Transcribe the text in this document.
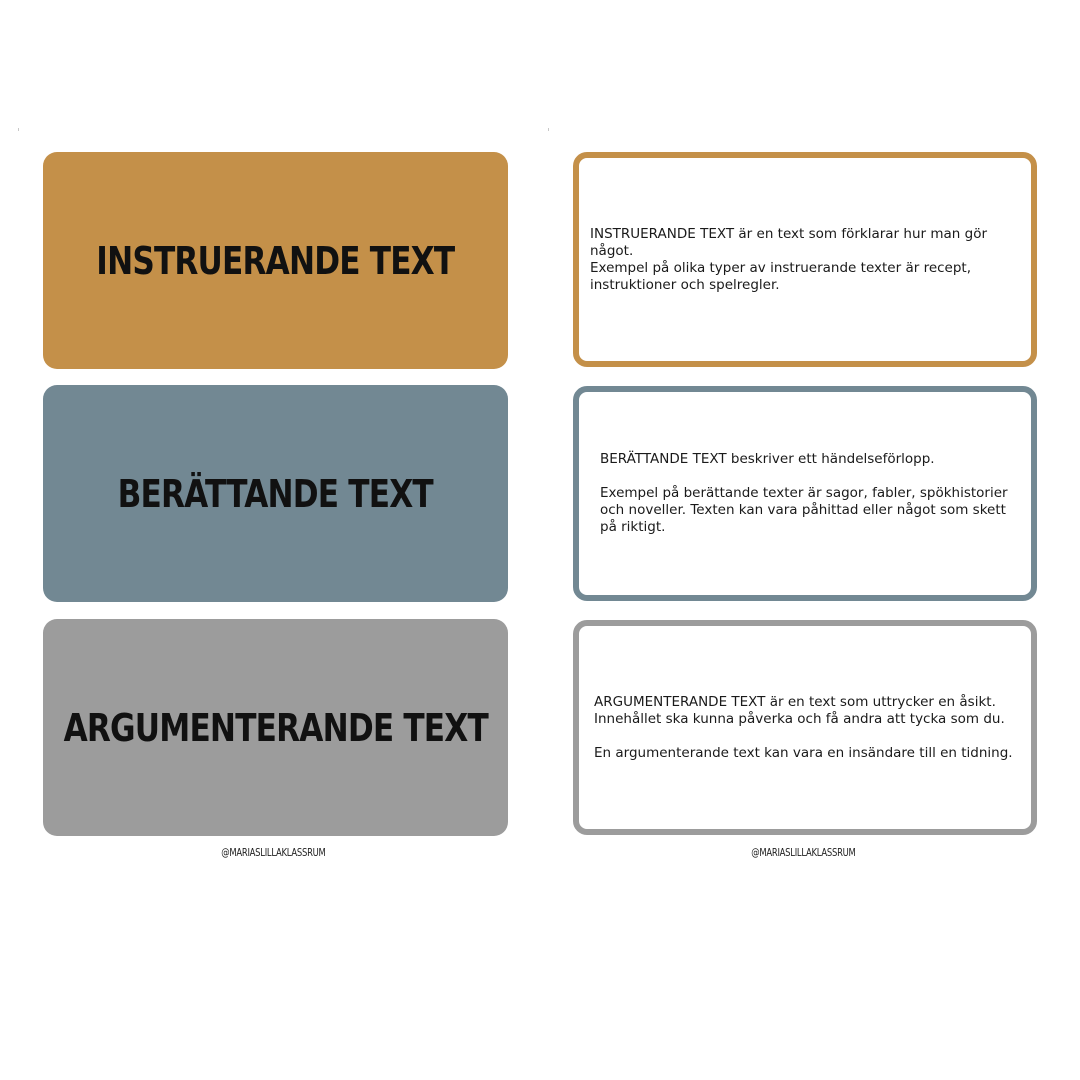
INSTRUERANDE TEXT
BERÄTTANDE TEXT
ARGUMENTERANDE TEXT

INSTRUERANDE TEXT är en text som förklarar hur man gör något.
Exempel på olika typer av instruerande texter är recept,
instruktioner och spelregler.

BERÄTTANDE TEXT beskriver ett händelseförlopp.

Exempel på berättande texter är sagor, fabler, spökhistorier
och noveller. Texten kan vara påhittad eller något som skett
på riktigt.

ARGUMENTERANDE TEXT är en text som uttrycker en åsikt.
Innehållet ska kunna påverka och få andra att tycka som du.

En argumenterande text kan vara en insändare till en tidning.

@MARIASLILLAKLASSRUM	@MARIASLILLAKLASSRUM
